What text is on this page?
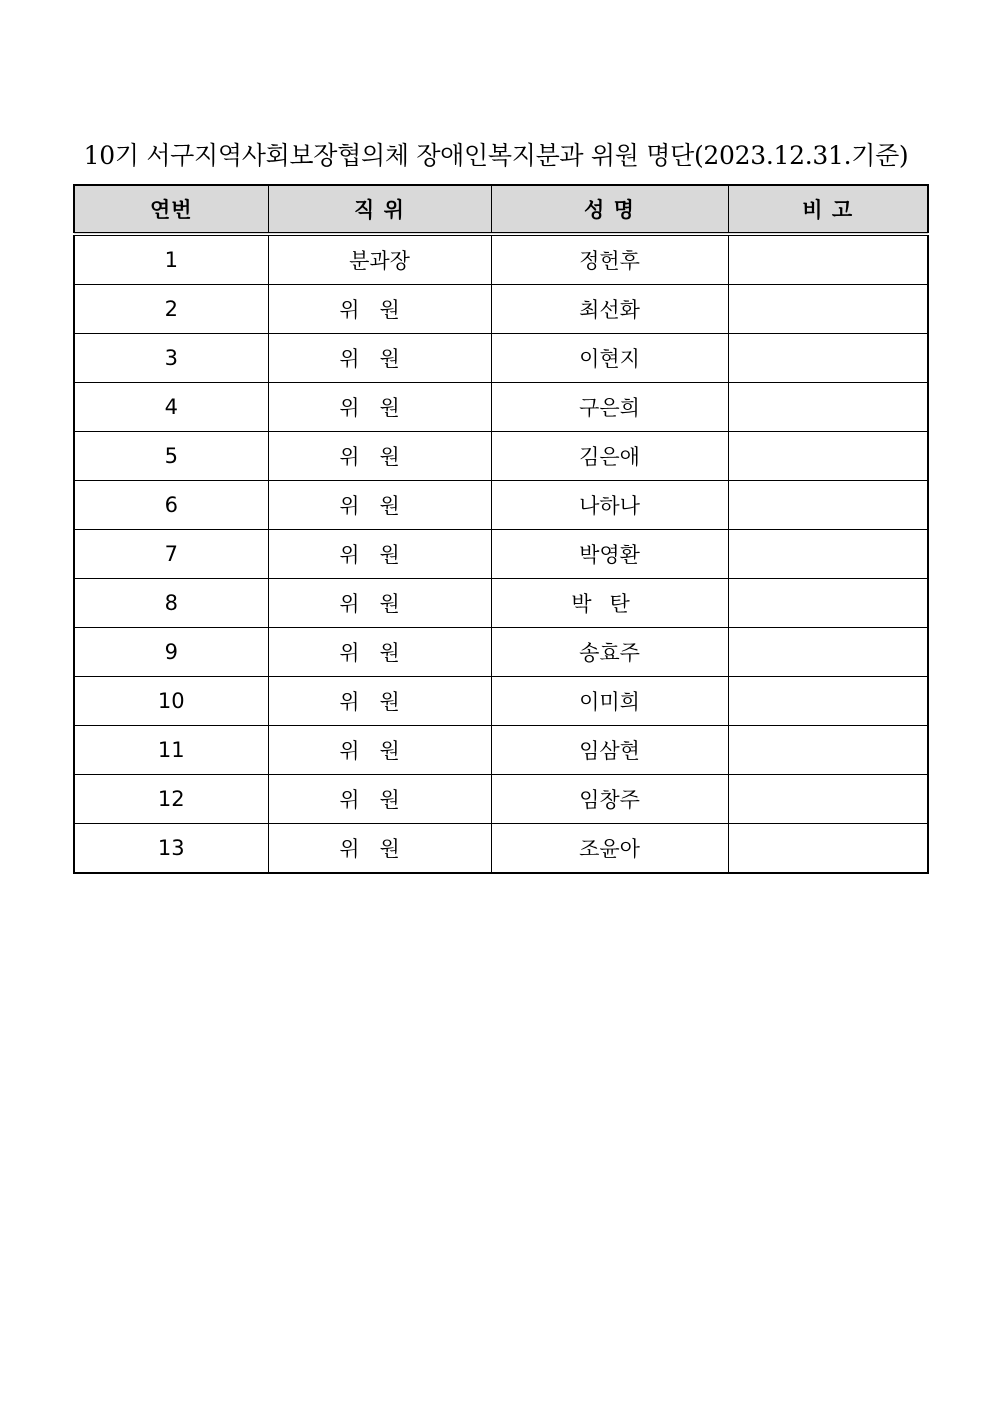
10기 서구지역사회보장협의체 장애인복지분과 위원 명단(2023.12.31.기준)
연번	직 위	성 명	비 고
1	분과장	정헌후	
2	위원	최선화	
3	위원	이현지	
4	위원	구은희	
5	위원	김은애	
6	위원	나하나	
7	위원	박영환	
8	위원	박탄	
9	위원	송효주	
10	위원	이미희	
11	위원	임삼현	
12	위원	임창주	
13	위원	조윤아	
